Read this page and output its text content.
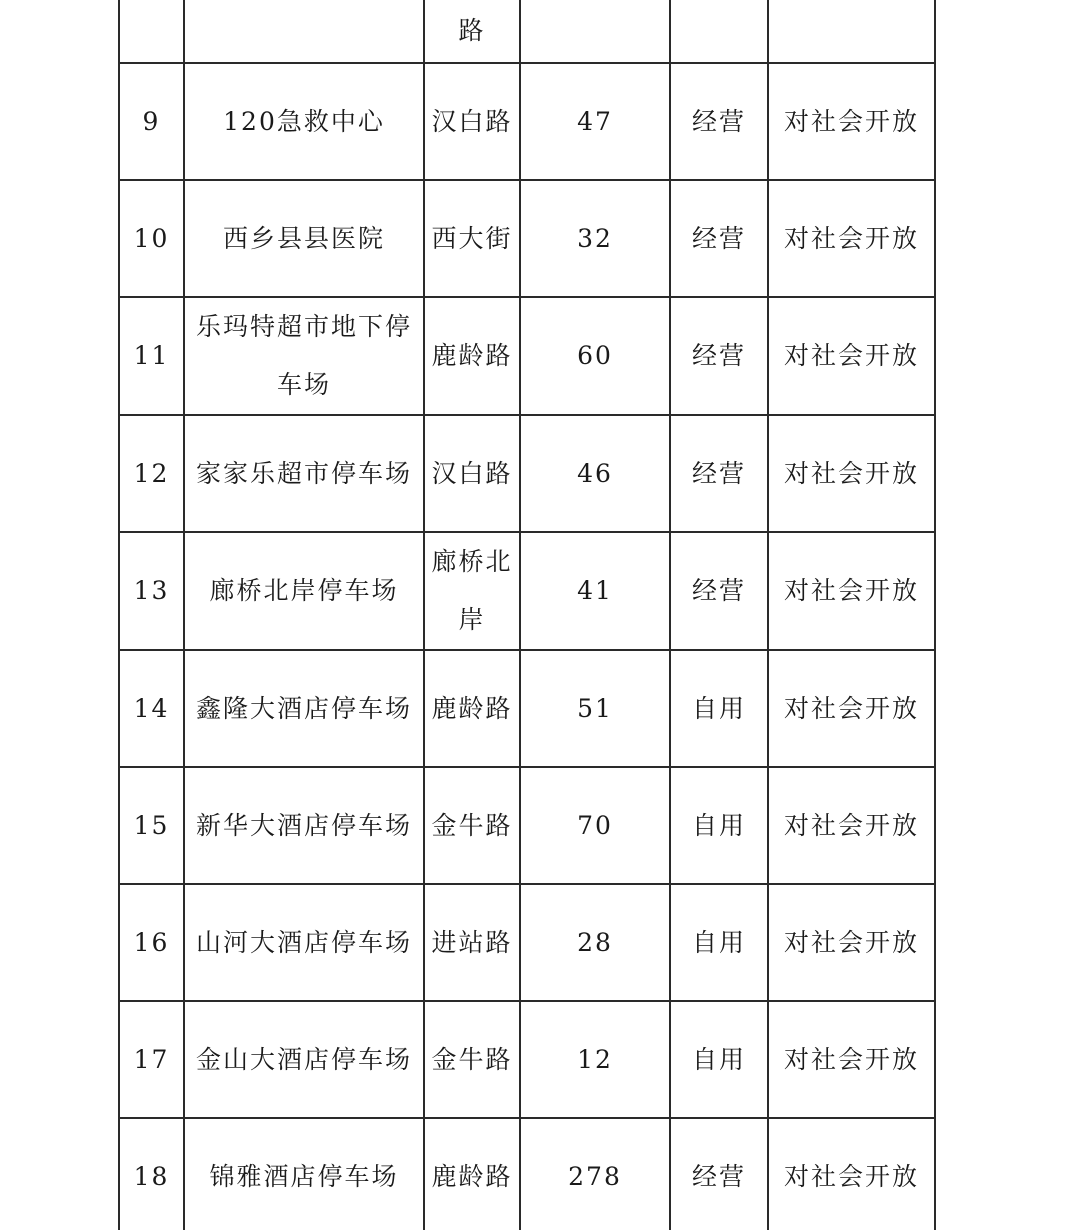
		路			
9	120急救中心	汉白路	47	经营	对社会开放
10	西乡县县医院	西大街	32	经营	对社会开放
11	乐玛特超市地下停车场	鹿龄路	60	经营	对社会开放
12	家家乐超市停车场	汉白路	46	经营	对社会开放
13	廊桥北岸停车场	廊桥北岸	41	经营	对社会开放
14	鑫隆大酒店停车场	鹿龄路	51	自用	对社会开放
15	新华大酒店停车场	金牛路	70	自用	对社会开放
16	山河大酒店停车场	进站路	28	自用	对社会开放
17	金山大酒店停车场	金牛路	12	自用	对社会开放
18	锦雅酒店停车场	鹿龄路	278	经营	对社会开放
